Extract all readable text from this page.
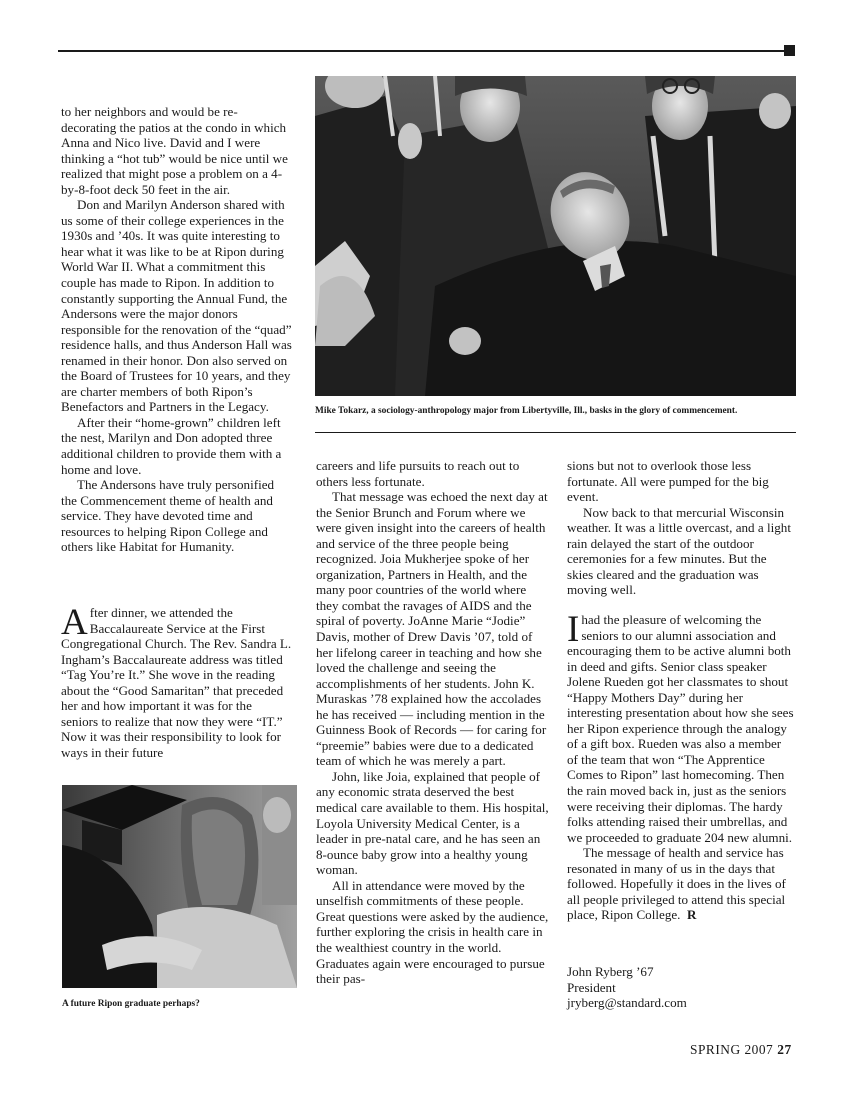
to her neighbors and would be re-decorating the patios at the condo in which Anna and Nico live. David and I were thinking a “hot tub” would be nice until we realized that might pose a problem on a 4-by-8-foot deck 50 feet in the air.

Don and Marilyn Anderson shared with us some of their college experiences in the 1930s and ’40s. It was quite interesting to hear what it was like to be at Ripon during World War II. What a commitment this couple has made to Ripon. In addition to constantly supporting the Annual Fund, the Andersons were the major donors responsible for the renovation of the “quad” residence halls, and thus Anderson Hall was renamed in their honor. Don also served on the Board of Trustees for 10 years, and they are charter members of both Ripon’s Benefactors and Partners in the Legacy.

After their “home-grown” children left the nest, Marilyn and Don adopted three additional children to provide them with a home and love.

The Andersons have truly personified the Commencement theme of health and service. They have devoted time and resources to helping Ripon College and others like Habitat for Humanity.

After dinner, we attended the Baccalaureate Service at the First Congregational Church. The Rev. Sandra L. Ingham’s Baccalaureate address was titled “Tag You’re It.” She wove in the reading about the “Good Samaritan” that preceded her and how important it was for the seniors to realize that now they were “IT.” Now it was their responsibility to look for ways in their future

Mike Tokarz, a sociology-anthropology major from Libertyville, Ill., basks in the glory of commencement.

careers and life pursuits to reach out to others less fortunate.

That message was echoed the next day at the Senior Brunch and Forum where we were given insight into the careers of health and service of the three people being recognized. Joia Mukherjee spoke of her organization, Partners in Health, and the many poor countries of the world where they combat the ravages of AIDS and the spiral of poverty. JoAnne Marie “Jodie” Davis, mother of Drew Davis ’07, told of her lifelong career in teaching and how she loved the challenge and seeing the accomplishments of her students. John K. Muraskas ’78 explained how the accolades he has received — including mention in the Guinness Book of Records — for caring for “preemie” babies were due to a dedicated team of which he was merely a part.

John, like Joia, explained that people of any economic strata deserved the best medical care available to them. His hospital, Loyola University Medical Center, is a leader in pre-natal care, and he has seen an 8-ounce baby grow into a healthy young woman.

All in attendance were moved by the unselfish commitments of these people. Great questions were asked by the audience, further exploring the crisis in health care in the wealthiest country in the world. Graduates again were encouraged to pursue their pas-

sions but not to overlook those less fortunate. All were pumped for the big event.

Now back to that mercurial Wisconsin weather. It was a little overcast, and a light rain delayed the start of the outdoor ceremonies for a few minutes. But the skies cleared and the graduation was moving well.

Ihad the pleasure of welcoming the seniors to our alumni association and encouraging them to be active alumni both in deed and gifts. Senior class speaker Jolene Rueden got her classmates to shout “Happy Mothers Day” during her interesting presentation about how she sees her Ripon experience through the analogy of a gift box. Rueden was also a member of the team that won “The Apprentice Comes to Ripon” last homecoming. Then the rain moved back in, just as the seniors were receiving their diplomas. The hardy folks attending raised their umbrellas, and we proceeded to graduate 204 new alumni.

The message of health and service has resonated in many of us in the days that followed. Hopefully it does in the lives of all people privileged to attend this special place, Ripon College. R

John Ryberg ’67
President
jryberg@standard.com
A future Ripon graduate perhaps?
SPRING 2007 27
